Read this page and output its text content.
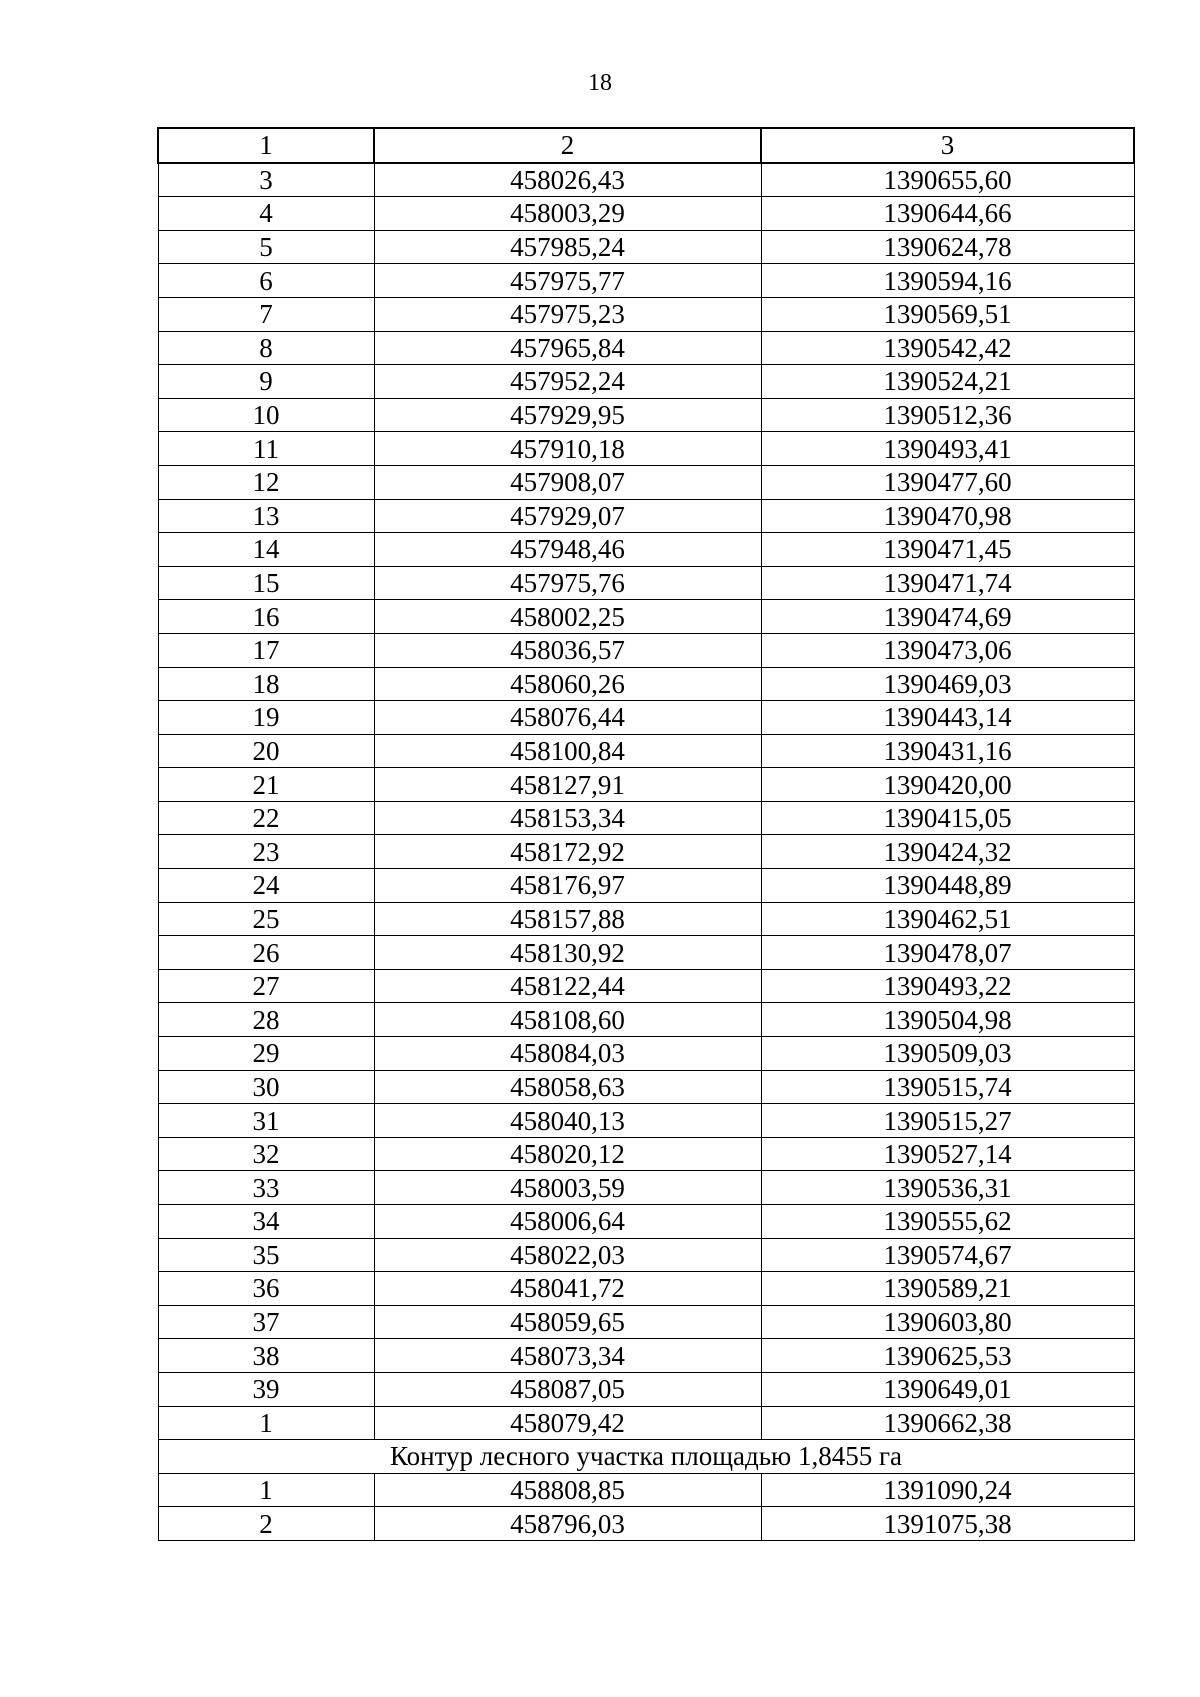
18
1	2	3
3	458026,43	1390655,60
4	458003,29	1390644,66
5	457985,24	1390624,78
6	457975,77	1390594,16
7	457975,23	1390569,51
8	457965,84	1390542,42
9	457952,24	1390524,21
10	457929,95	1390512,36
11	457910,18	1390493,41
12	457908,07	1390477,60
13	457929,07	1390470,98
14	457948,46	1390471,45
15	457975,76	1390471,74
16	458002,25	1390474,69
17	458036,57	1390473,06
18	458060,26	1390469,03
19	458076,44	1390443,14
20	458100,84	1390431,16
21	458127,91	1390420,00
22	458153,34	1390415,05
23	458172,92	1390424,32
24	458176,97	1390448,89
25	458157,88	1390462,51
26	458130,92	1390478,07
27	458122,44	1390493,22
28	458108,60	1390504,98
29	458084,03	1390509,03
30	458058,63	1390515,74
31	458040,13	1390515,27
32	458020,12	1390527,14
33	458003,59	1390536,31
34	458006,64	1390555,62
35	458022,03	1390574,67
36	458041,72	1390589,21
37	458059,65	1390603,80
38	458073,34	1390625,53
39	458087,05	1390649,01
1	458079,42	1390662,38
Контур лесного участка площадью 1,8455 га		
1	458808,85	1391090,24
2	458796,03	1391075,38
